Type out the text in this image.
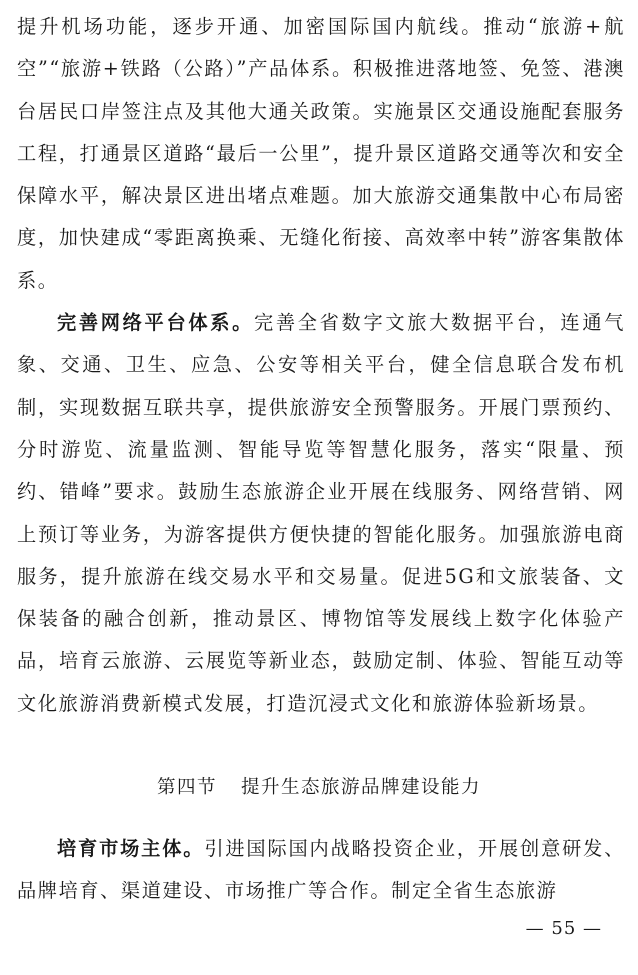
提升机场功能，逐步开通、加密国际国内航线。推动“旅游+航空”“旅游+铁路（公路）”产品体系。积极推进落地签、免签、港澳台居民口岸签注点及其他大通关政策。实施景区交通设施配套服务工程，打通景区道路“最后一公里”，提升景区道路交通等次和安全保障水平，解决景区进出堵点难题。加大旅游交通集散中心布局密度，加快建成“零距离换乘、无缝化衔接、高效率中转”游客集散体系。

完善网络平台体系。完善全省数字文旅大数据平台，连通气象、交通、卫生、应急、公安等相关平台，健全信息联合发布机制，实现数据互联共享，提供旅游安全预警服务。开展门票预约、分时游览、流量监测、智能导览等智慧化服务，落实“限量、预约、错峰”要求。鼓励生态旅游企业开展在线服务、网络营销、网上预订等业务，为游客提供方便快捷的智能化服务。加强旅游电商服务，提升旅游在线交易水平和交易量。促进5G和文旅装备、文保装备的融合创新，推动景区、博物馆等发展线上数字化体验产品，培育云旅游、云展览等新业态，鼓励定制、体验、智能互动等文化旅游消费新模式发展，打造沉浸式文化和旅游体验新场景。

第四节 提升生态旅游品牌建设能力

培育市场主体。引进国际国内战略投资企业，开展创意研发、品牌培育、渠道建设、市场推广等合作。制定全省生态旅游

— 55 —
